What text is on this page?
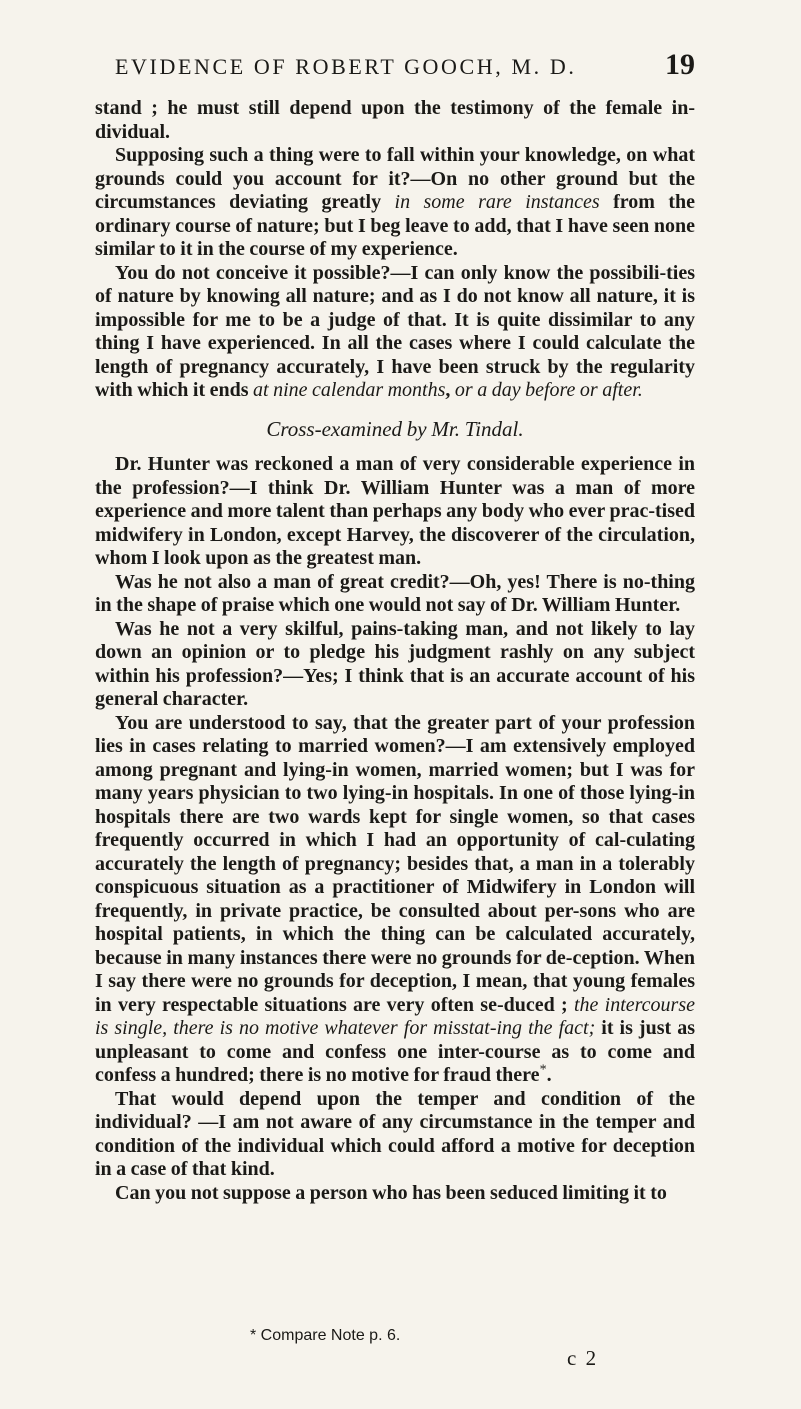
EVIDENCE OF ROBERT GOOCH, M. D.	19

stand ; he must still depend upon the testimony of the female in-dividual.

Supposing such a thing were to fall within your knowledge, on what grounds could you account for it?—On no other ground but the circumstances deviating greatly in some rare instances from the ordinary course of nature; but I beg leave to add, that I have seen none similar to it in the course of my experience.

You do not conceive it possible?—I can only know the possibili-ties of nature by knowing all nature; and as I do not know all nature, it is impossible for me to be a judge of that. It is quite dissimilar to any thing I have experienced. In all the cases where I could calculate the length of pregnancy accurately, I have been struck by the regularity with which it ends at nine calendar months, or a day before or after.

Cross-examined by Mr. Tindal.

Dr. Hunter was reckoned a man of very considerable experience in the profession?—I think Dr. William Hunter was a man of more experience and more talent than perhaps any body who ever prac-tised midwifery in London, except Harvey, the discoverer of the circulation, whom I look upon as the greatest man.

Was he not also a man of great credit?—Oh, yes! There is no-thing in the shape of praise which one would not say of Dr. William Hunter.

Was he not a very skilful, pains-taking man, and not likely to lay down an opinion or to pledge his judgment rashly on any subject within his profession?—Yes; I think that is an accurate account of his general character.

You are understood to say, that the greater part of your profession lies in cases relating to married women?—I am extensively employed among pregnant and lying-in women, married women; but I was for many years physician to two lying-in hospitals. In one of those lying-in hospitals there are two wards kept for single women, so that cases frequently occurred in which I had an opportunity of cal-culating accurately the length of pregnancy; besides that, a man in a tolerably conspicuous situation as a practitioner of Midwifery in London will frequently, in private practice, be consulted about per-sons who are hospital patients, in which the thing can be calculated accurately, because in many instances there were no grounds for de-ception. When I say there were no grounds for deception, I mean, that young females in very respectable situations are very often se-duced ; the intercourse is single, there is no motive whatever for misstat-ing the fact; it is just as unpleasant to come and confess one inter-course as to come and confess a hundred; there is no motive for fraud there*.

That would depend upon the temper and condition of the individual? —I am not aware of any circumstance in the temper and condition of the individual which could afford a motive for deception in a case of that kind.

Can you not suppose a person who has been seduced limiting it to

* Compare Note p. 6.
c 2
